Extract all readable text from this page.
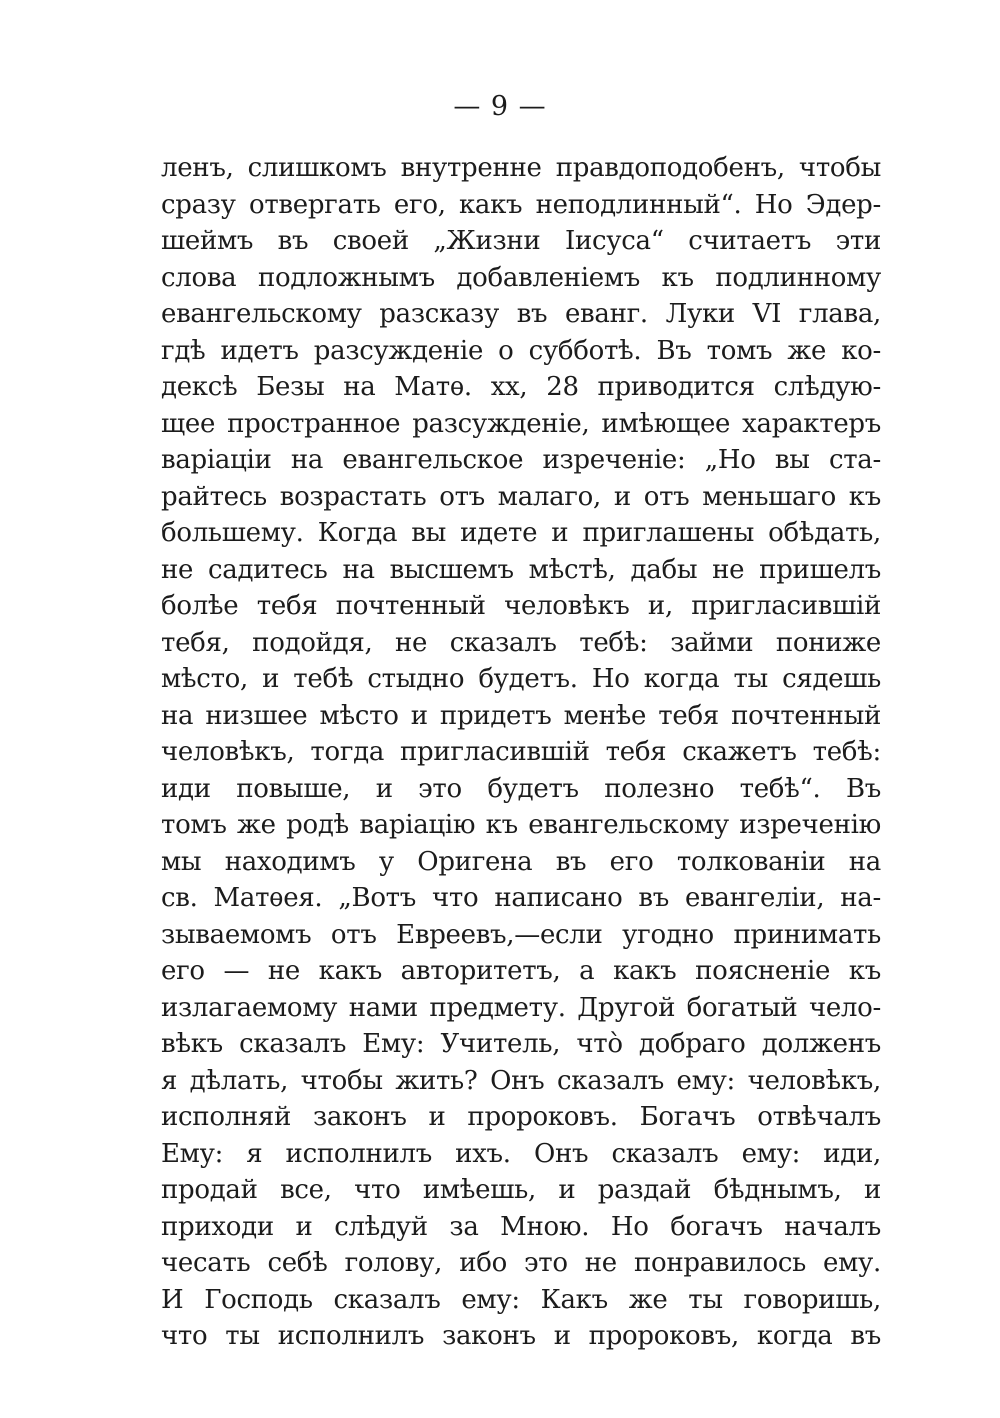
— 9 —
ленъ, слишкомъ внутренне правдоподобенъ, чтобы
сразу отвергать его, какъ неподлинный“. Но Эдер-
шеймъ въ своей „Жизни Іисуса“ считаетъ эти
слова подложнымъ добавленіемъ къ подлинному
евангельскому разсказу въ еванг. Луки VI глава,
гдѣ идетъ разсужденіе о субботѣ. Въ томъ же ко-
дексѣ Безы на Матѳ. xx, 28 приводится слѣдую-
щее пространное разсужденіе, имѣющее характеръ
варіаціи на евангельское изреченіе: „Но вы ста-
райтесь возрастать отъ малаго, и отъ меньшаго къ
большему. Когда вы идете и приглашены обѣдать,
не садитесь на высшемъ мѣстѣ, дабы не пришелъ
болѣе тебя почтенный человѣкъ и, пригласившій
тебя, подойдя, не сказалъ тебѣ: займи пониже
мѣсто, и тебѣ стыдно будетъ. Но когда ты сядешь
на низшее мѣсто и придетъ менѣе тебя почтенный
человѣкъ, тогда пригласившій тебя скажетъ тебѣ:
иди повыше, и это будетъ полезно тебѣ“. Въ
томъ же родѣ варіацію къ евангельскому изреченію
мы находимъ у Оригена въ его толкованіи на
св. Матѳея. „Вотъ что написано въ евангеліи, на-
зываемомъ отъ Евреевъ,—если угодно принимать
его — не какъ авторитетъ, а какъ поясненіе къ
излагаемому нами предмету. Другой богатый чело-
вѣкъ сказалъ Ему: Учитель, что̀ добраго долженъ
я дѣлать, чтобы жить? Онъ сказалъ ему: человѣкъ,
исполняй законъ и пророковъ. Богачъ отвѣчалъ
Ему: я исполнилъ ихъ. Онъ сказалъ ему: иди,
продай все, что имѣешь, и раздай бѣднымъ, и
приходи и слѣдуй за Мною. Но богачъ началъ
чесать себѣ голову, ибо это не понравилось ему.
И Господь сказалъ ему: Какъ же ты говоришь,
что ты исполнилъ законъ и пророковъ, когда въ
